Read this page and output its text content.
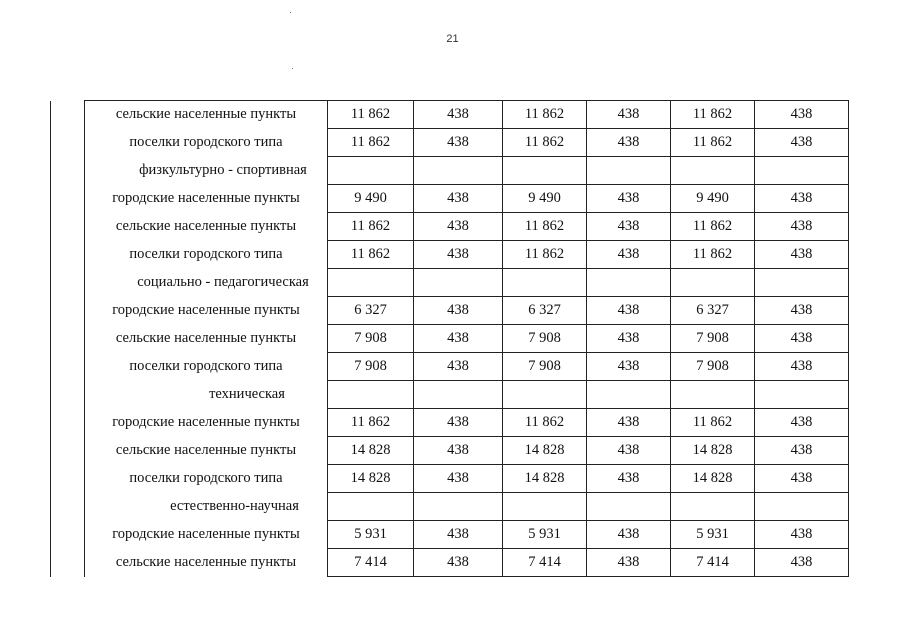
21
	сельские населенные пункты	11 862	438	11 862	438	11 862	438
	поселки городского типа	11 862	438	11 862	438	11 862	438
	физкультурно - спортивная						
	городские населенные пункты	9 490	438	9 490	438	9 490	438
	сельские населенные пункты	11 862	438	11 862	438	11 862	438
	поселки городского типа	11 862	438	11 862	438	11 862	438
	социально - педагогическая						
	городские населенные пункты	6 327	438	6 327	438	6 327	438
	сельские населенные пункты	7 908	438	7 908	438	7 908	438
	поселки городского типа	7 908	438	7 908	438	7 908	438
	техническая						
	городские населенные пункты	11 862	438	11 862	438	11 862	438
	сельские населенные пункты	14 828	438	14 828	438	14 828	438
	поселки городского типа	14 828	438	14 828	438	14 828	438
	естественно-научная						
	городские населенные пункты	5 931	438	5 931	438	5 931	438
	сельские населенные пункты	7 414	438	7 414	438	7 414	438
